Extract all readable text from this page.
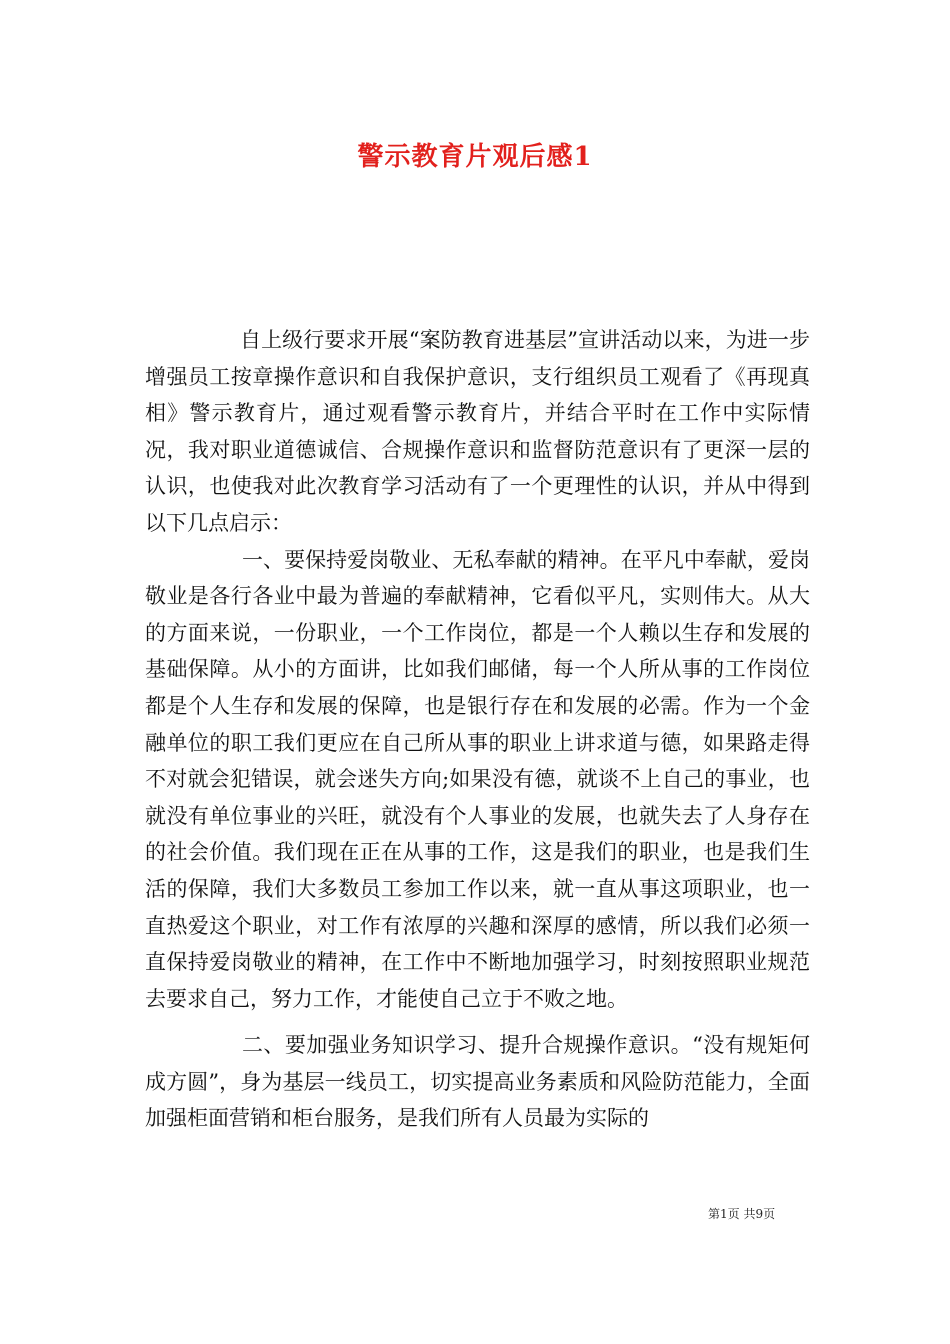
警示教育片观后感1

自上级行要求开展“案防教育进基层”宣讲活动以来，为进一步增强员工按章操作意识和自我保护意识，支行组织员工观看了《再现真相》警示教育片，通过观看警示教育片，并结合平时在工作中实际情况，我对职业道德诚信、合规操作意识和监督防范意识有了更深一层的认识，也使我对此次教育学习活动有了一个更理性的认识，并从中得到以下几点启示：

一、要保持爱岗敬业、无私奉献的精神。在平凡中奉献，爱岗敬业是各行各业中最为普遍的奉献精神，它看似平凡，实则伟大。从大的方面来说，一份职业，一个工作岗位，都是一个人赖以生存和发展的基础保障。从小的方面讲，比如我们邮储，每一个人所从事的工作岗位都是个人生存和发展的保障，也是银行存在和发展的必需。作为一个金融单位的职工我们更应在自己所从事的职业上讲求道与德，如果路走得不对就会犯错误，就会迷失方向;如果没有德，就谈不上自己的事业，也就没有单位事业的兴旺，就没有个人事业的发展，也就失去了人身存在的社会价值。我们现在正在从事的工作，这是我们的职业，也是我们生活的保障，我们大多数员工参加工作以来，就一直从事这项职业，也一直热爱这个职业，对工作有浓厚的兴趣和深厚的感情，所以我们必须一直保持爱岗敬业的精神，在工作中不断地加强学习，时刻按照职业规范去要求自己，努力工作，才能使自己立于不败之地。

二、要加强业务知识学习、提升合规操作意识。“没有规矩何成方圆”，身为基层一线员工，切实提高业务素质和风险防范能力，全面加强柜面营销和柜台服务，是我们所有人员最为实际的

第1页 共9页
